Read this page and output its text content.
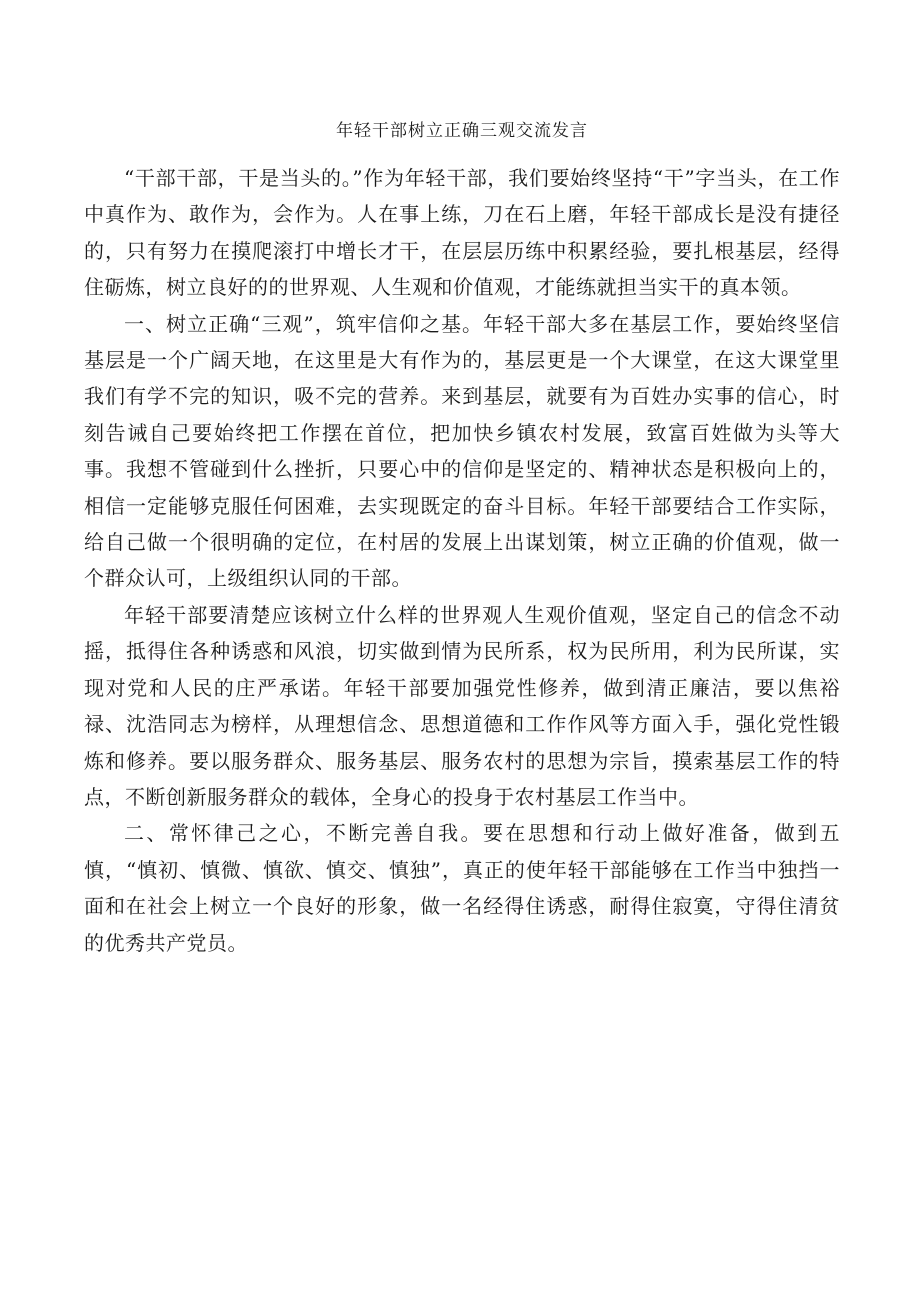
年轻干部树立正确三观交流发言

“干部干部，干是当头的。”作为年轻干部，我们要始终坚持“干”字当头，在工作中真作为、敢作为，会作为。人在事上练，刀在石上磨，年轻干部成长是没有捷径的，只有努力在摸爬滚打中增长才干，在层层历练中积累经验，要扎根基层，经得住砺炼，树立良好的的世界观、人生观和价值观，才能练就担当实干的真本领。

一、树立正确“三观”，筑牢信仰之基。年轻干部大多在基层工作，要始终坚信基层是一个广阔天地，在这里是大有作为的，基层更是一个大课堂，在这大课堂里我们有学不完的知识，吸不完的营养。来到基层，就要有为百姓办实事的信心，时刻告诫自己要始终把工作摆在首位，把加快乡镇农村发展，致富百姓做为头等大事。我想不管碰到什么挫折，只要心中的信仰是坚定的、精神状态是积极向上的，相信一定能够克服任何困难，去实现既定的奋斗目标。年轻干部要结合工作实际，给自己做一个很明确的定位，在村居的发展上出谋划策，树立正确的价值观，做一个群众认可，上级组织认同的干部。

年轻干部要清楚应该树立什么样的世界观人生观价值观，坚定自己的信念不动摇，抵得住各种诱惑和风浪，切实做到情为民所系，权为民所用，利为民所谋，实现对党和人民的庄严承诺。年轻干部要加强党性修养，做到清正廉洁，要以焦裕禄、沈浩同志为榜样，从理想信念、思想道德和工作作风等方面入手，强化党性锻炼和修养。要以服务群众、服务基层、服务农村的思想为宗旨，摸索基层工作的特点，不断创新服务群众的载体，全身心的投身于农村基层工作当中。

二、常怀律己之心，不断完善自我。要在思想和行动上做好准备，做到五慎，“慎初、慎微、慎欲、慎交、慎独”，真正的使年轻干部能够在工作当中独挡一面和在社会上树立一个良好的形象，做一名经得住诱惑，耐得住寂寞，守得住清贫的优秀共产党员。
